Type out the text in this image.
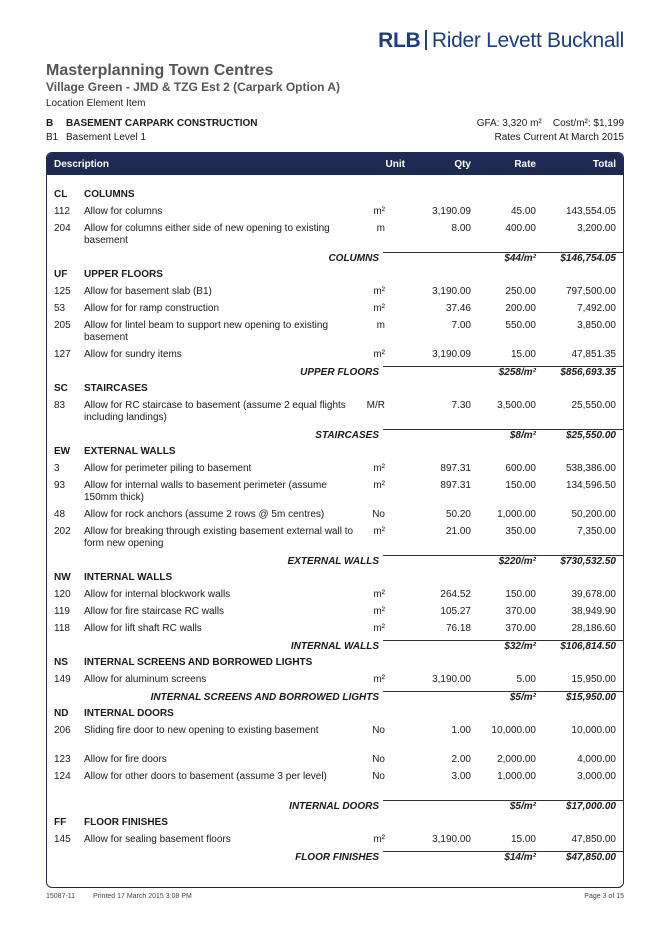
RLB Rider Levett Bucknall
Masterplanning Town Centres
Village Green - JMD & TZG Est 2 (Carpark Option A)
Location Element Item
B BASEMENT CARPARK CONSTRUCTION
B1 Basement Level 1
GFA: 3,320 m²    Cost/m²: $1,199
Rates Current At March 2015
Description	Unit	Qty	Rate	Total
CL COLUMNS
112 Allow for columns	m²	3,190.09	45.00	143,554.05
204 Allow for columns either side of new opening to existing basement
m	8.00	400.00	3,200.00
COLUMNS	$44/m² $146,754.05
UF UPPER FLOORS
125 Allow for basement slab (B1)	m²	3,190.00	250.00	797,500.00
53 Allow for for ramp construction	m²	37.46	200.00	7,492.00
205 Allow for lintel beam to support new opening to existing basement
m	7.00	550.00	3,850.00
127 Allow for sundry items	m²	3,190.09	15.00	47,851.35
UPPER FLOORS	$258/m² $856,693.35
SC STAIRCASES
83 Allow for RC staircase to basement (assume 2 equal flights including landings)
M/R	7.30	3,500.00	25,550.00
STAIRCASES	$8/m²	$25,550.00
EW EXTERNAL WALLS
3 Allow for perimeter piling to basement	m²	897.31	600.00	538,386.00
93 Allow for internal walls to basement perimeter (assume 150mm thick)
m²	897.31	150.00	134,596.50
48 Allow for rock anchors (assume 2 rows @ 5m centres)	No	50.20	1,000.00	50,200.00
202 Allow for breaking through existing basement external wall to form new opening
m²	21.00	350.00	7,350.00
EXTERNAL WALLS	$220/m² $730,532.50
NW INTERNAL WALLS
120 Allow for internal blockwork walls	m²	264.52	150.00	39,678.00
119 Allow for fire staircase RC walls	m²	105.27	370.00	38,949.90
118 Allow for lift shaft RC walls	m²	76.18	370.00	28,186.60
INTERNAL WALLS	$32/m² $106,814.50
NS INTERNAL SCREENS AND BORROWED LIGHTS
149 Allow for aluminum screens	m²	3,190.00	5.00	15,950.00
INTERNAL SCREENS AND BORROWED LIGHTS	$5/m²	$15,950.00
ND INTERNAL DOORS
206 Sliding fire door to new opening to existing basement	No	1.00 10,000.00	10,000.00
123 Allow for fire doors	No	2.00	2,000.00	4,000.00
124 Allow for other doors to basement (assume 3 per level)	No	3.00	1,000.00	3,000.00
INTERNAL DOORS	$5/m²	$17,000.00
FF FLOOR FINISHES
145 Allow for sealing basement floors	m²	3,190.00	15.00	47,850.00
FLOOR FINISHES	$14/m²	$47,850.00
15087-11	Printed 17 March 2015 3:08 PM	Page 3 of 15
